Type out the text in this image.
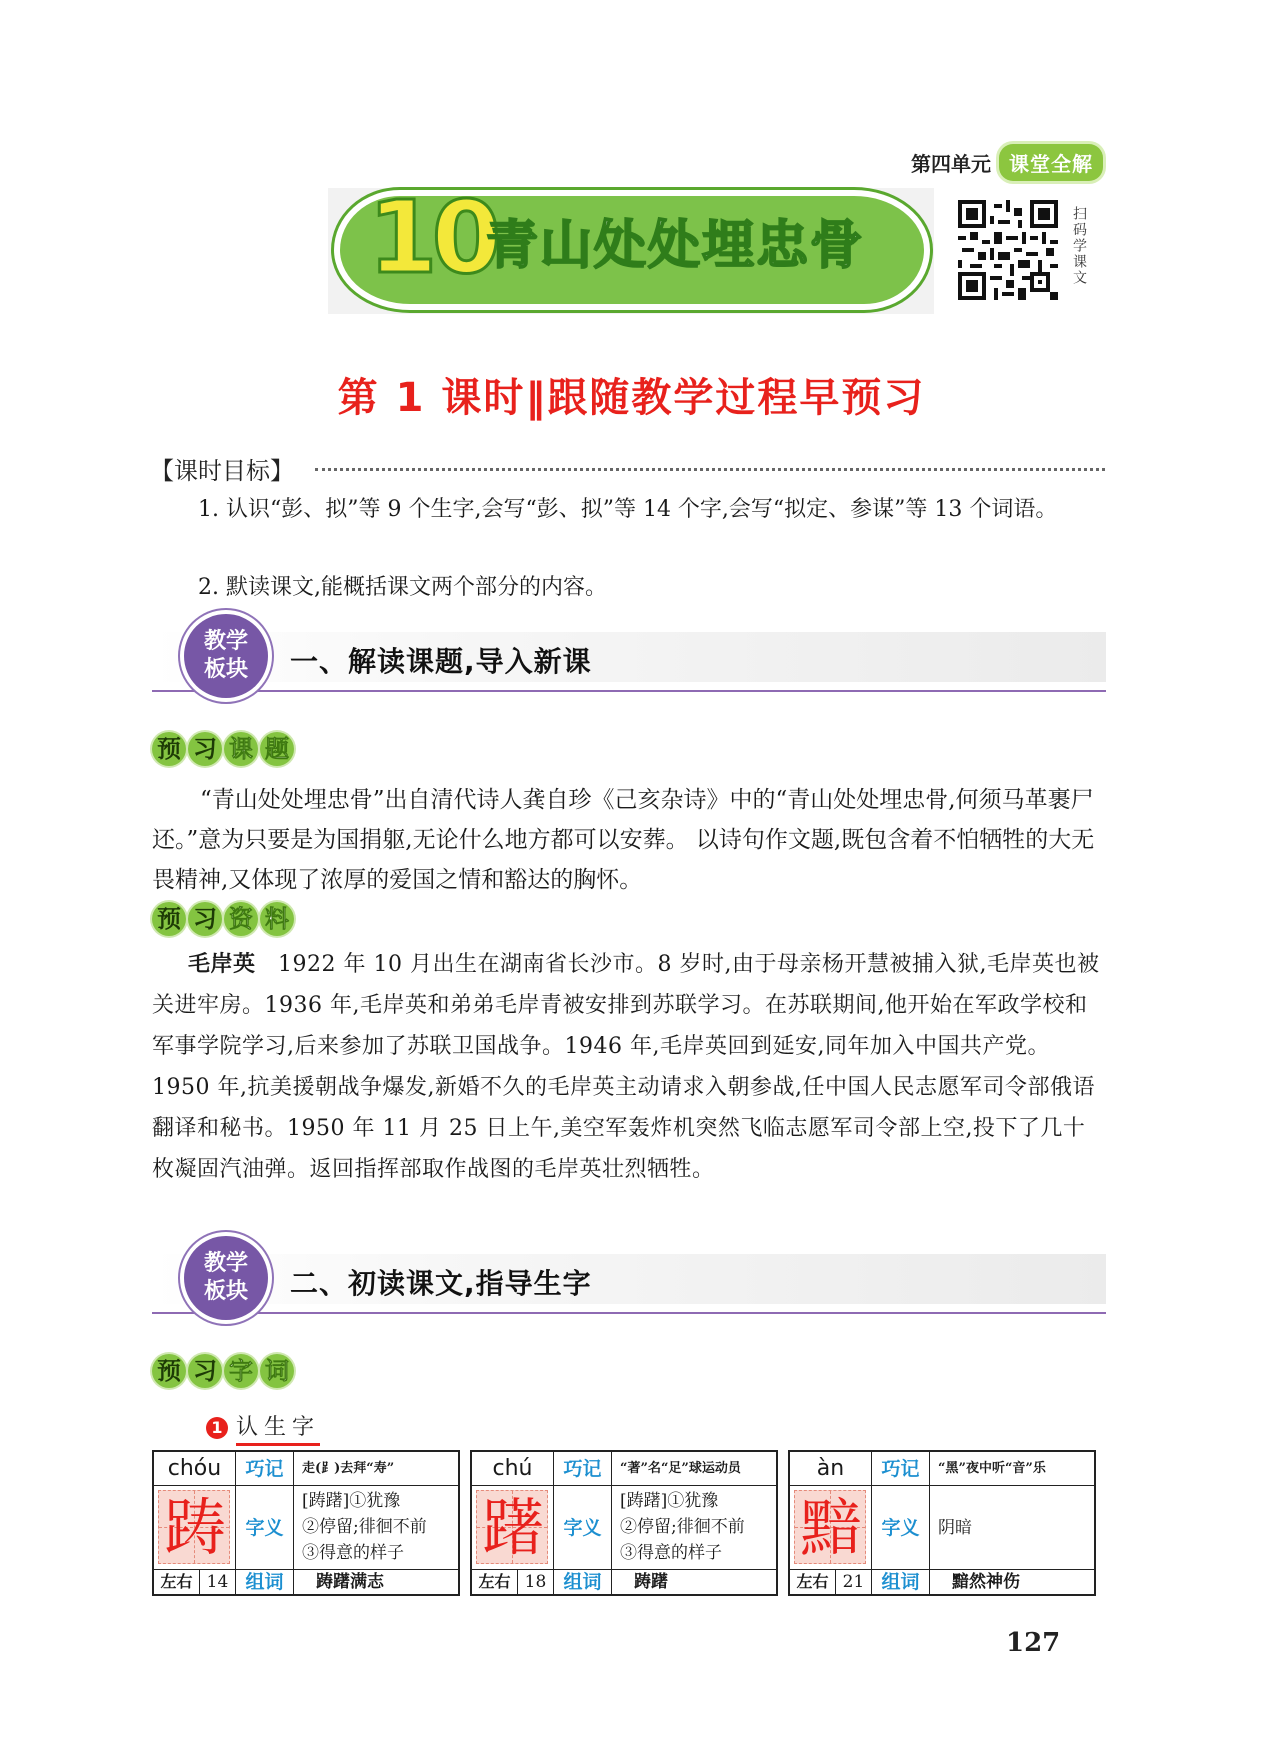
第四单元 课堂全解
10
青山处处埋忠骨	扫码学课文
第 1 课时‖跟随教学过程早预习
【课时目标】
1. 认识“彭、拟”等 9 个生字,会写“彭、拟”等 14 个字,会写“拟定、参谋”等 13 个词语。
2. 默读课文,能概括课文两个部分的内容。
教学
板块	一、解读课题,导入新课
预 习 课 题
“青山处处埋忠骨”出自清代诗人龚自珍《己亥杂诗》中的“青山处处埋忠骨,何须马革裹尸还。”意为只要是为国捐躯,无论什么地方都可以安葬。 以诗句作文题,既包含着不怕牺牲的大无畏精神,又体现了浓厚的爱国之情和豁达的胸怀。
预 习 资 料
毛岸英 1922 年 10 月出生在湖南省长沙市。8 岁时,由于母亲杨开慧被捕入狱,毛岸英也被关进牢房。1936 年,毛岸英和弟弟毛岸青被安排到苏联学习。在苏联期间,他开始在军政学校和军事学院学习,后来参加了苏联卫国战争。1946 年,毛岸英回到延安,同年加入中国共产党。1950 年,抗美援朝战争爆发,新婚不久的毛岸英主动请求入朝参战,任中国人民志愿军司令部俄语翻译和秘书。1950 年 11 月 25 日上午,美空军轰炸机突然飞临志愿军司令部上空,投下了几十枚凝固汽油弹。返回指挥部取作战图的毛岸英壮烈牺牲。
教学
板块	二、初读课文,指导生字
预 习 字 词
1 认生字
chóu	巧记	走(⻊)去拜“寿”
踌	字义
[踌躇]①犹豫
②停留;徘徊不前
③得意的样子
左右 14 组词	踌躇满志
chú	巧记	“著”名“足”球运动员
躇	字义
[踌躇]①犹豫
②停留;徘徊不前
③得意的样子
左右 18 组词	踌躇
àn	巧记	“黑”夜中听“音”乐
黯	字义	阴暗
左右 21 组词	黯然神伤
127
